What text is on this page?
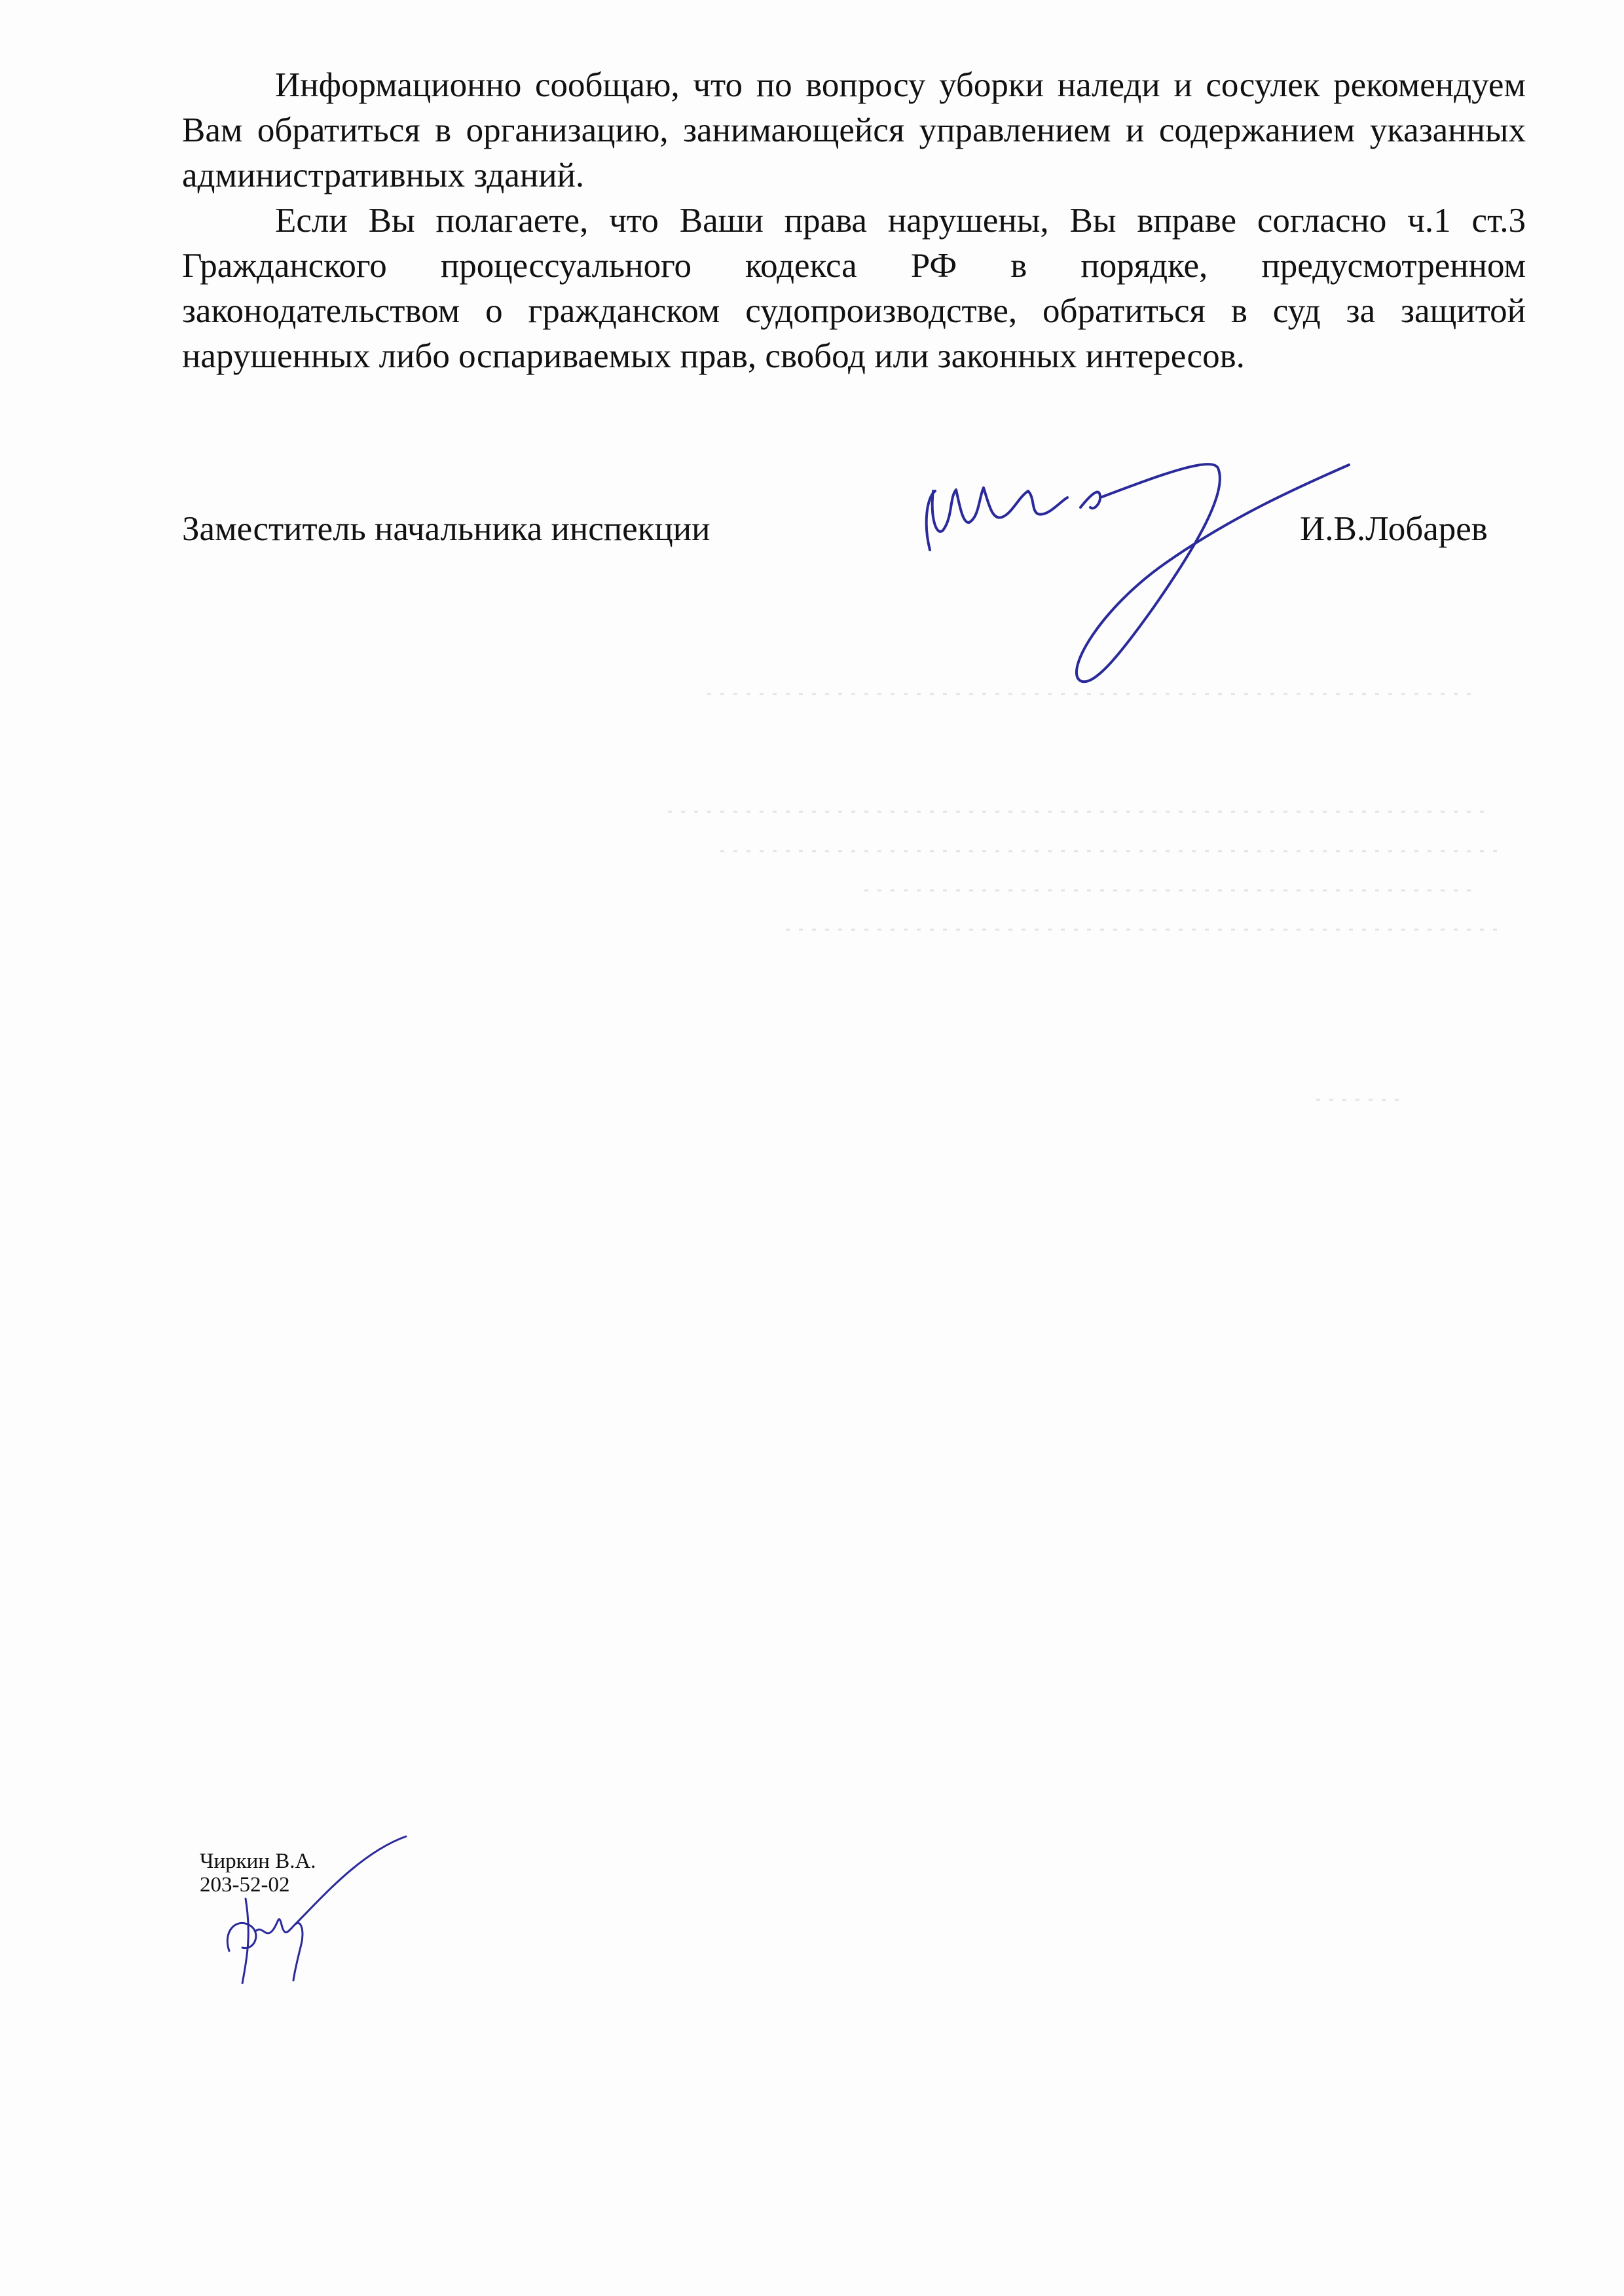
Информационно сообщаю, что по вопросу уборки наледи и сосулек рекомендуем Вам обратиться в организацию, занимающейся управлением и содержанием указанных административных зданий.

Если Вы полагаете, что Ваши права нарушены, Вы вправе согласно ч.1 ст.3 Гражданского процессуального кодекса РФ в порядке, предусмотренном законодательством о гражданском судопроизводстве, обратиться в суд за защитой нарушенных либо оспариваемых прав, свобод или законных интересов.

Заместитель начальника инспекции	И.В.Лобарев
Чиркин В.А.
203-52-02
